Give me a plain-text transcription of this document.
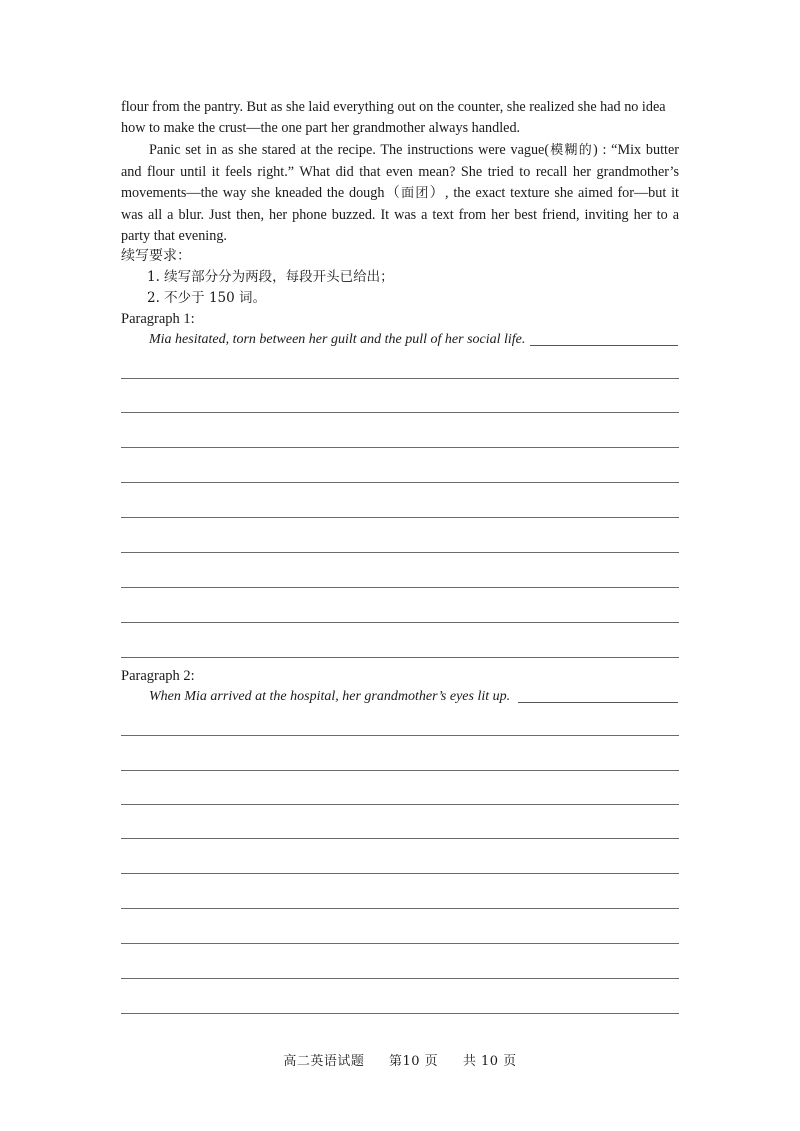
flour from the pantry. But as she laid everything out on the counter, she realized she had no idea
how to make the crust—the one part her grandmother always handled.
Panic set in as she stared at the recipe. The instructions were vague(模糊的) : “Mix butter and flour until it feels right.” What did that even mean? She tried to recall her grandmother’s movements—the way she kneaded the dough（面团）, the exact texture she aimed for—but it was all a blur. Just then, her phone buzzed. It was a text from her best friend, inviting her to a party that evening.
续写要求：
1. 续写部分分为两段，每段开头已给出；
2. 不少于 150 词。
Paragraph 1:
Mia hesitated, torn between her guilt and the pull of her social life.
Paragraph 2:
When Mia arrived at the hospital, her grandmother’s eyes lit up.
高二英语试题 第10 页 共 10 页
